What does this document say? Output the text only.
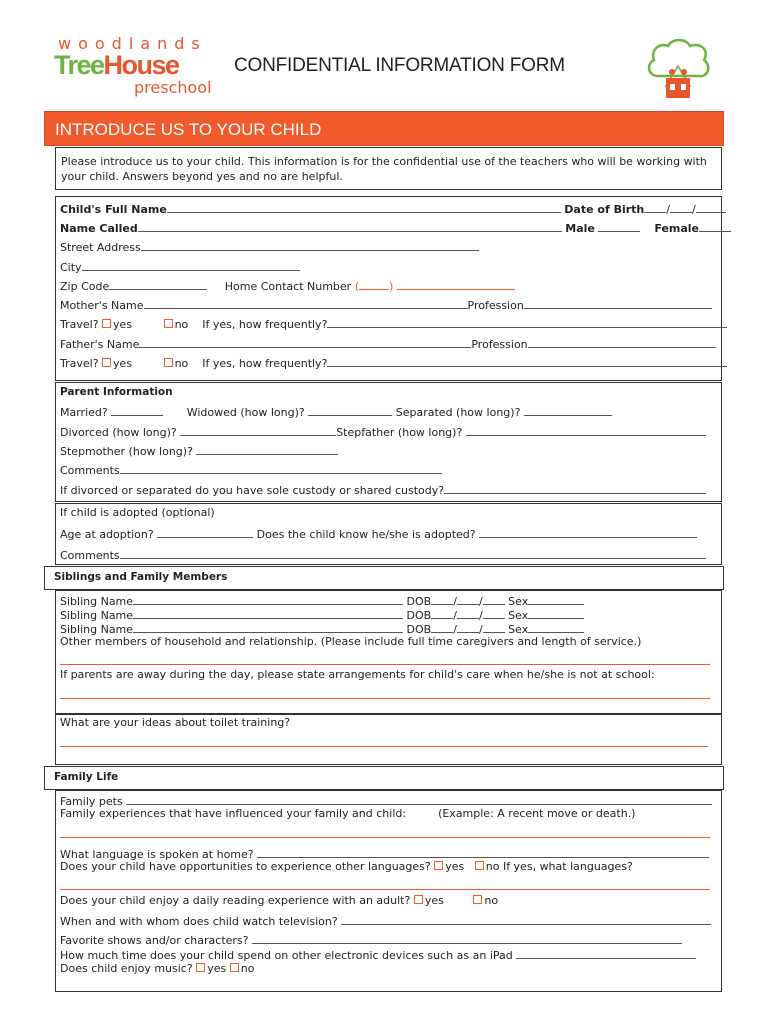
woodlands
TreeHouse
preschool
CONFIDENTIAL INFORMATION FORM
INTRODUCE US TO YOUR CHILD
Please introduce us to your child. This information is for the confidential use of the teachers who will be working with your child. Answers beyond yes and no are helpful.
Child's Full Name	Date of Birth / /
Name Called	Male	Female
Street Address
City
Zip Code	Home Contact Number (	)
Mother's Name	Profession
Travel? yes	no If yes, how frequently?
Father's Name	Profession
Travel? yes	no If yes, how frequently?
Parent Information
Married?	Widowed (how long)?	Separated (how long)?
Divorced (how long)?	Stepfather (how long)?
Stepmother (how long)?
Comments
If divorced or separated do you have sole custody or shared custody?
If child is adopted (optional)
Age at adoption?	Does the child know he/she is adopted?
Comments
Siblings and Family Members
Sibling Name	DOB / / Sex
Sibling Name	DOB / / Sex
Sibling Name	DOB / / Sex
Other members of household and relationship. (Please include full time caregivers and length of service.)
If parents are away during the day, please state arrangements for child's care when he/she is not at school:
What are your ideas about toilet training?
Family Life
Family pets
Family experiences that have influenced your family and child:	(Example: A recent move or death.)
What language is spoken at home?
Does your child have opportunities to experience other languages? yes no If yes, what languages?
Does your child enjoy a daily reading experience with an adult? yes	no
When and with whom does child watch television?
Favorite shows and/or characters?
How much time does your child spend on other electronic devices such as an iPad
Does child enjoy music? yes no
